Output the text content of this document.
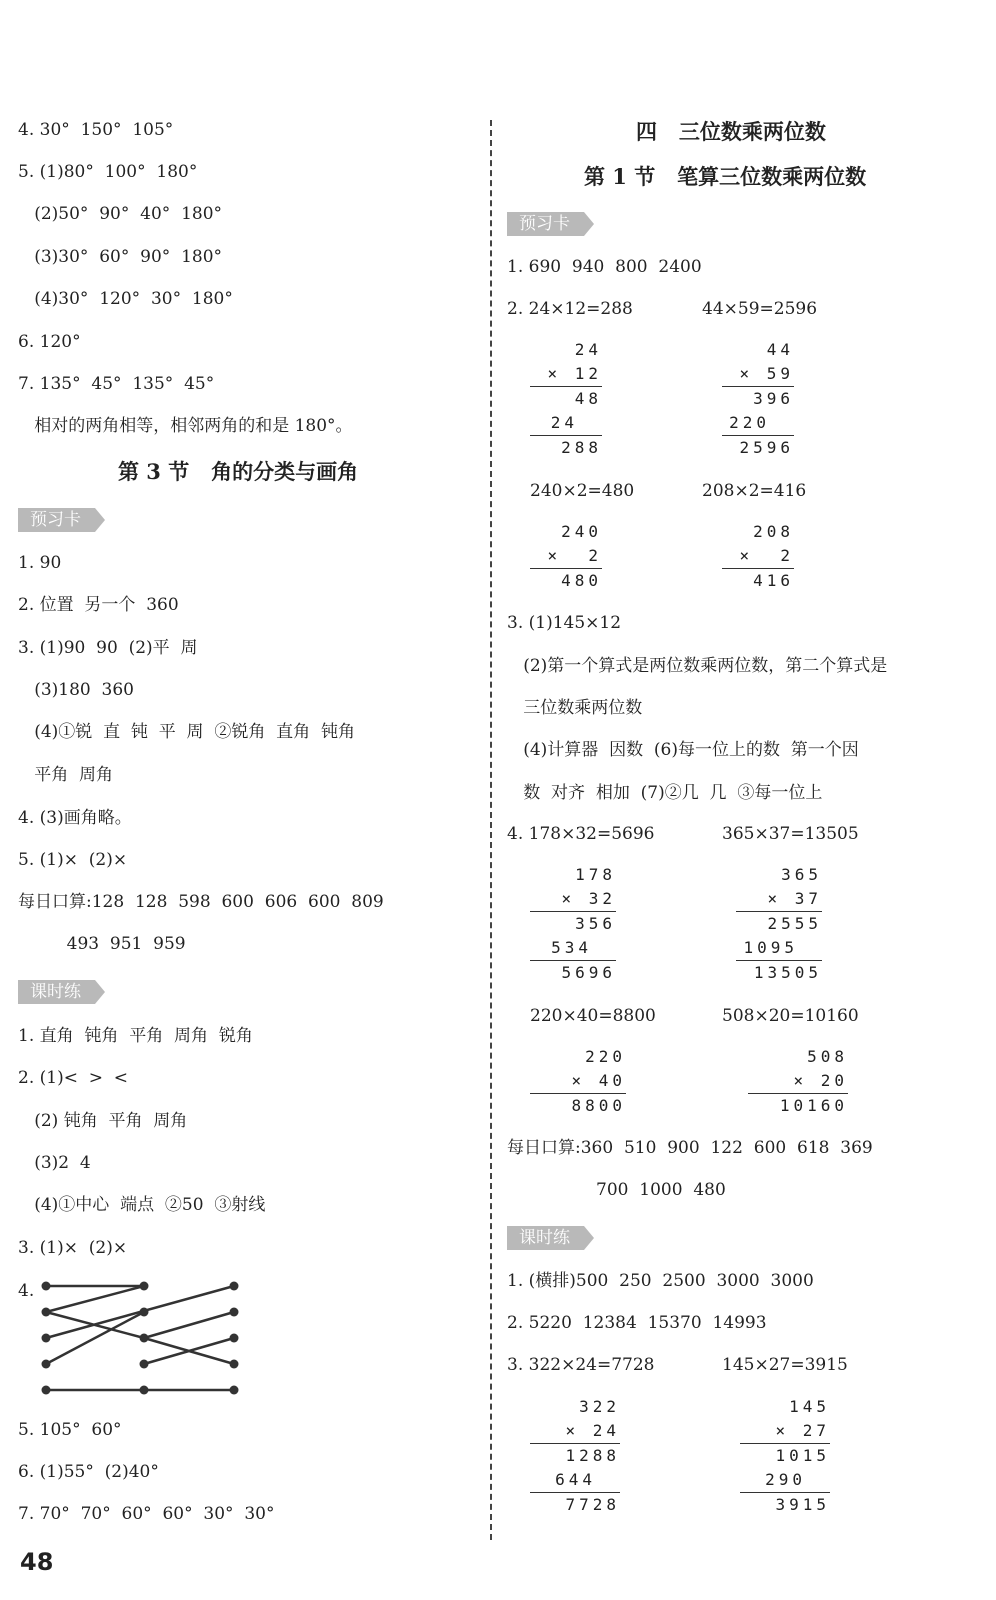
4. 30°  150°  105°
5. (1)80°  100°  180°
(2)50°  90°  40°  180°
(3)30°  60°  90°  180°
(4)30°  120°  30°  180°
6. 120°
7. 135°  45°  135°  45°
相对的两角相等，相邻两角的和是 180°。
第 3 节   角的分类与画角
预习卡
1. 90
2. 位置  另一个  360
3. (1)90  90  (2)平  周
(3)180  360
(4)①锐  直  钝  平  周  ②锐角  直角  钝角
平角  周角
4. (3)画角略。
5. (1)×  (2)×
每日口算:128  128  598  600  606  600  809
493  951  959
课时练
1. 直角  钝角  平角  周角  锐角
2. (1)<  >  <
(2) 钝角  平角  周角
(3)2  4
(4)①中心  端点  ②50  ③射线
3. (1)×  (2)×
4.
5. 105°  60°
6. (1)55°  (2)40°
7. 70°  70°  60°  60°  30°  30°
48
四   三位数乘两位数
第 1 节   笔算三位数乘两位数
预习卡
1. 690  940  800  2400
2. 24×12=288	44×59=2596
24
× 12
48
24
288
44
× 59
396
220
2596
240×2=480	208×2=416
240
×  2
480
208
×  2
416
3. (1)145×12
(2)第一个算式是两位数乘两位数，第二个算式是
三位数乘两位数
(4)计算器  因数  (6)每一位上的数  第一个因
数  对齐  相加  (7)②几  几  ③每一位上
4. 178×32=5696	365×37=13505
178
× 32
356
534
5696
365
× 37
2555
1095
13505
220×40=8800	508×20=10160
220
× 40
8800
508
× 20
10160
每日口算:360  510  900  122  600  618  369
700  1000  480
课时练
1. (横排)500  250  2500  3000  3000
2. 5220  12384  15370  14993
3. 322×24=7728	145×27=3915
322
× 24
1288
644
7728
145
× 27
1015
290
3915
